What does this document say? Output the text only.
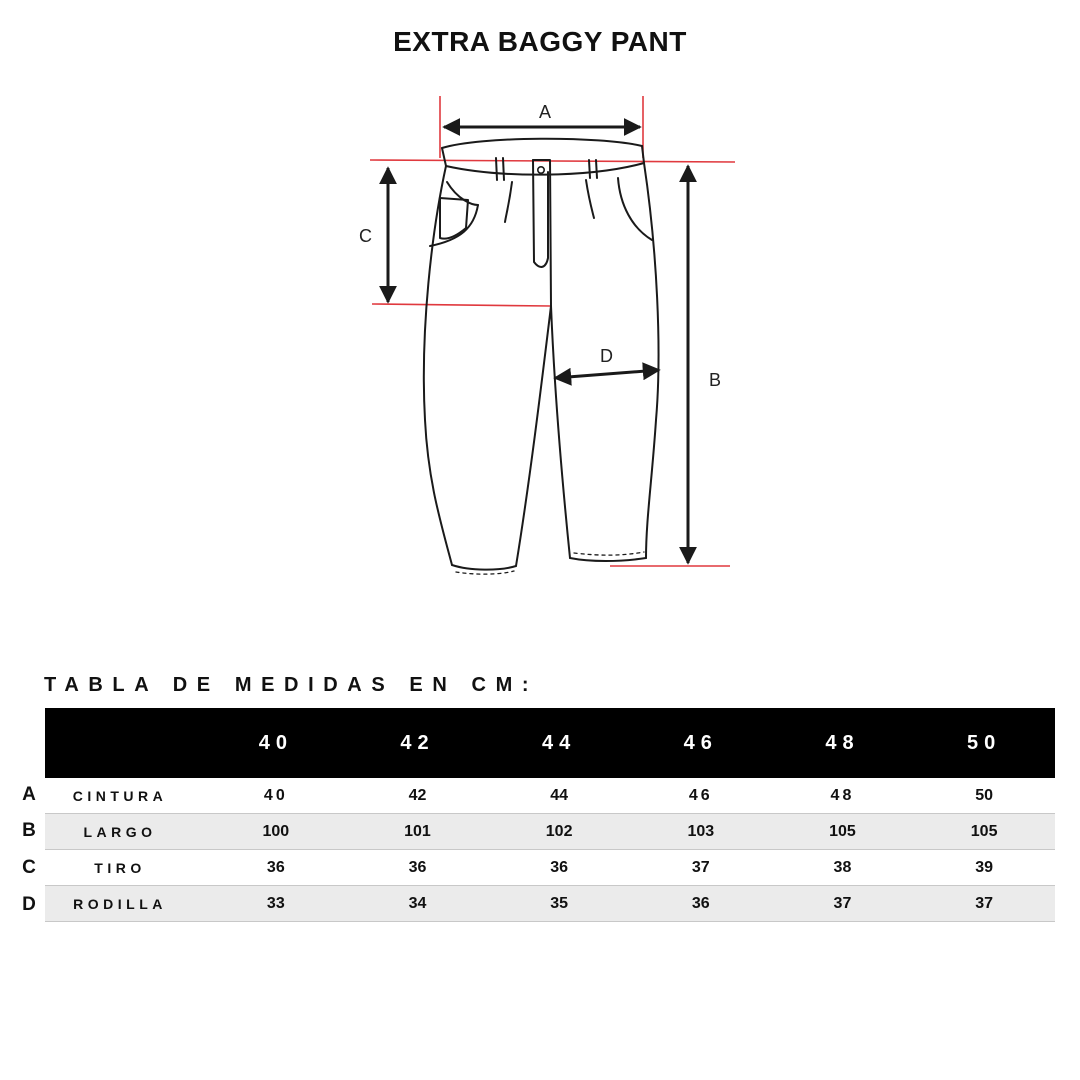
EXTRA BAGGY PANT
A
C
B
D
TABLA DE MEDIDAS EN CM:
	40	42	44	46	48	50
CINTURA	40	42	44	46	48	50
LARGO	100	101	102	103	105	105
TIRO	36	36	36	37	38	39
RODILLA	33	34	35	36	37	37
A
B
C
D
